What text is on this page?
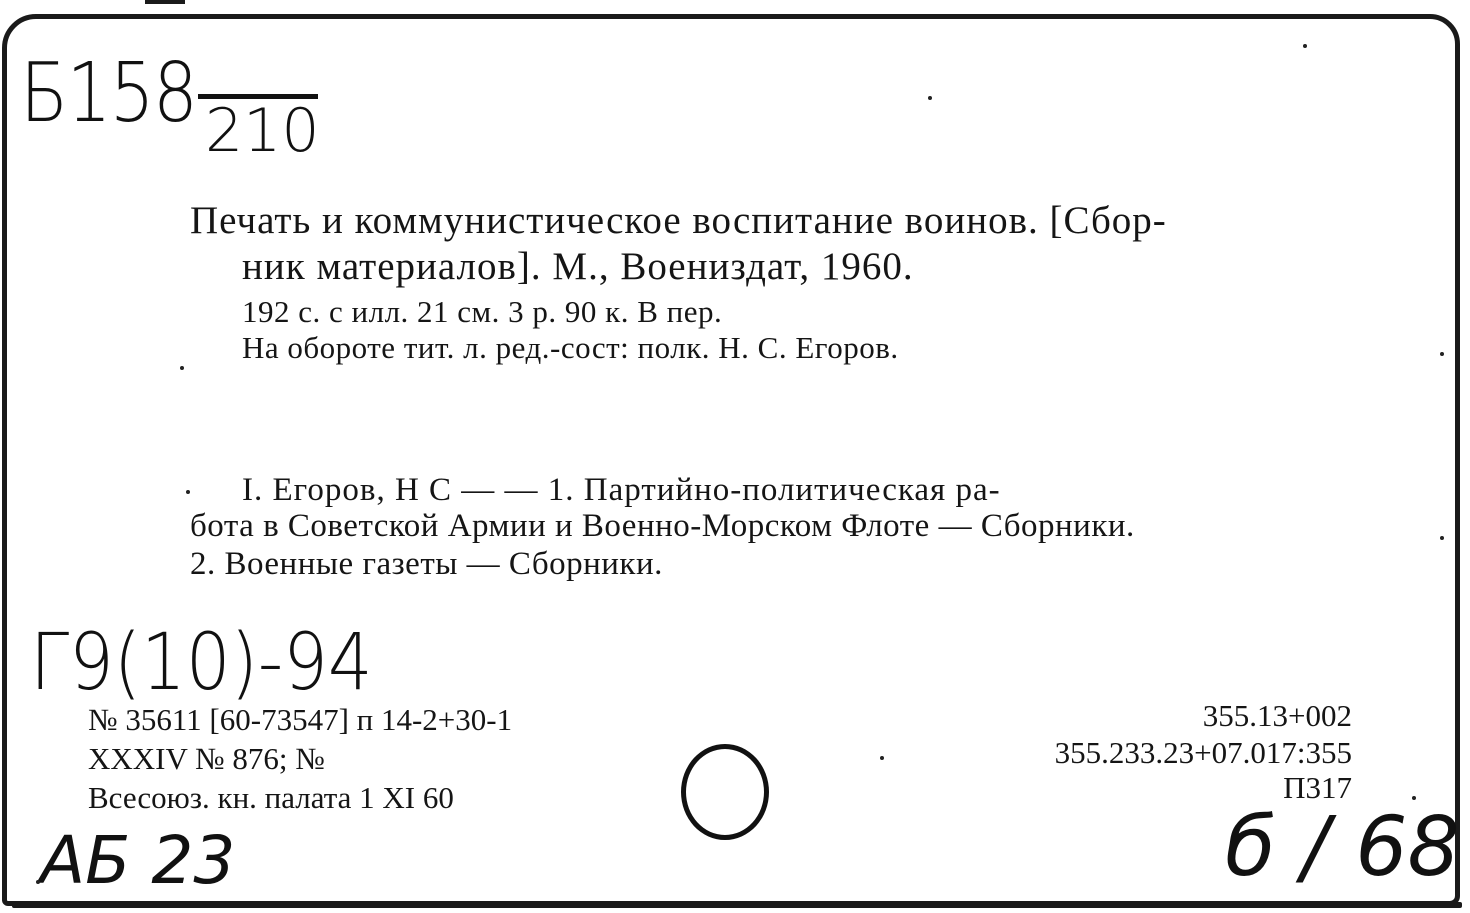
Б158 210
Печать и коммунистическое воспитание воинов. [Сбор-
ник материалов]. М., Воениздат, 1960.
192 с. с илл. 21 см. 3 р. 90 к. В пер.
На обороте тит. л. ред.-сост: полк. Н. С. Егоров.
I. Егоров, Н С — — 1. Партийно-политическая ра-
бота в Советской Армии и Военно-Морском Флоте — Сборники.
2. Военные газеты — Сборники.
Г9(10)-94
№ 35611 [60-73547] п 14-2+30-1
XXXIV № 876; №
Всесоюз. кн. палата 1 XI 60
355.13+002
355.233.23+07.017:355
П317
АБ 23	б / 68
